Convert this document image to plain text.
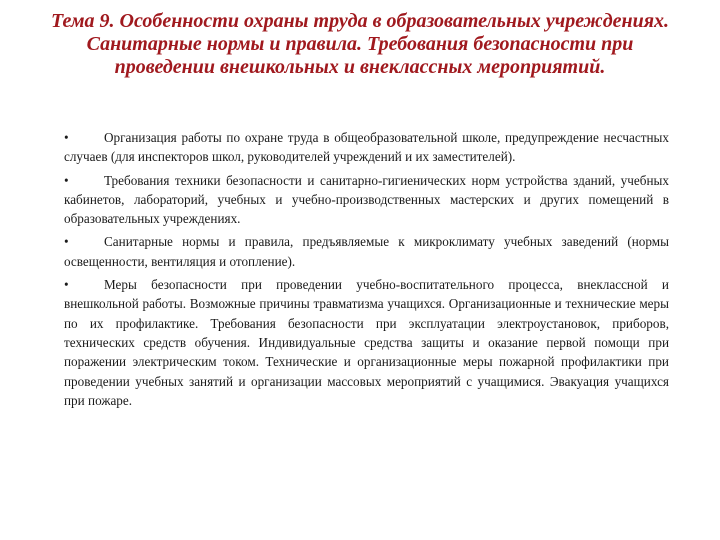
Тема 9. Особенности охраны труда в образовательных учреждениях. Санитарные нормы и правила. Требования безопасности при проведении внешкольных и внеклассных мероприятий.

•	Организация работы по охране труда в общеобразовательной школе, предупреждение несчастных случаев (для инспекторов школ, руководителей учреждений и их заместителей).

•	Требования техники безопасности и санитарно-гигиенических норм устройства зданий, учебных кабинетов, лабораторий, учебных и учебно-производственных мастерских и других помещений в образовательных учреждениях.

•	Санитарные нормы и правила, предъявляемые к микроклимату учебных заведений (нормы освещенности, вентиляция и отопление).

•	Меры безопасности при проведении учебно-воспитательного процесса, внеклассной и внешкольной работы. Возможные причины травматизма учащихся. Организационные и технические меры по их профилактике. Требования безопасности при эксплуатации электроустановок, приборов, технических средств обучения. Индивидуальные средства защиты и оказание первой помощи при поражении электрическим током. Технические и организационные меры пожарной профилактики при проведении учебных занятий и организации массовых мероприятий с учащимися. Эвакуация учащихся при пожаре.
